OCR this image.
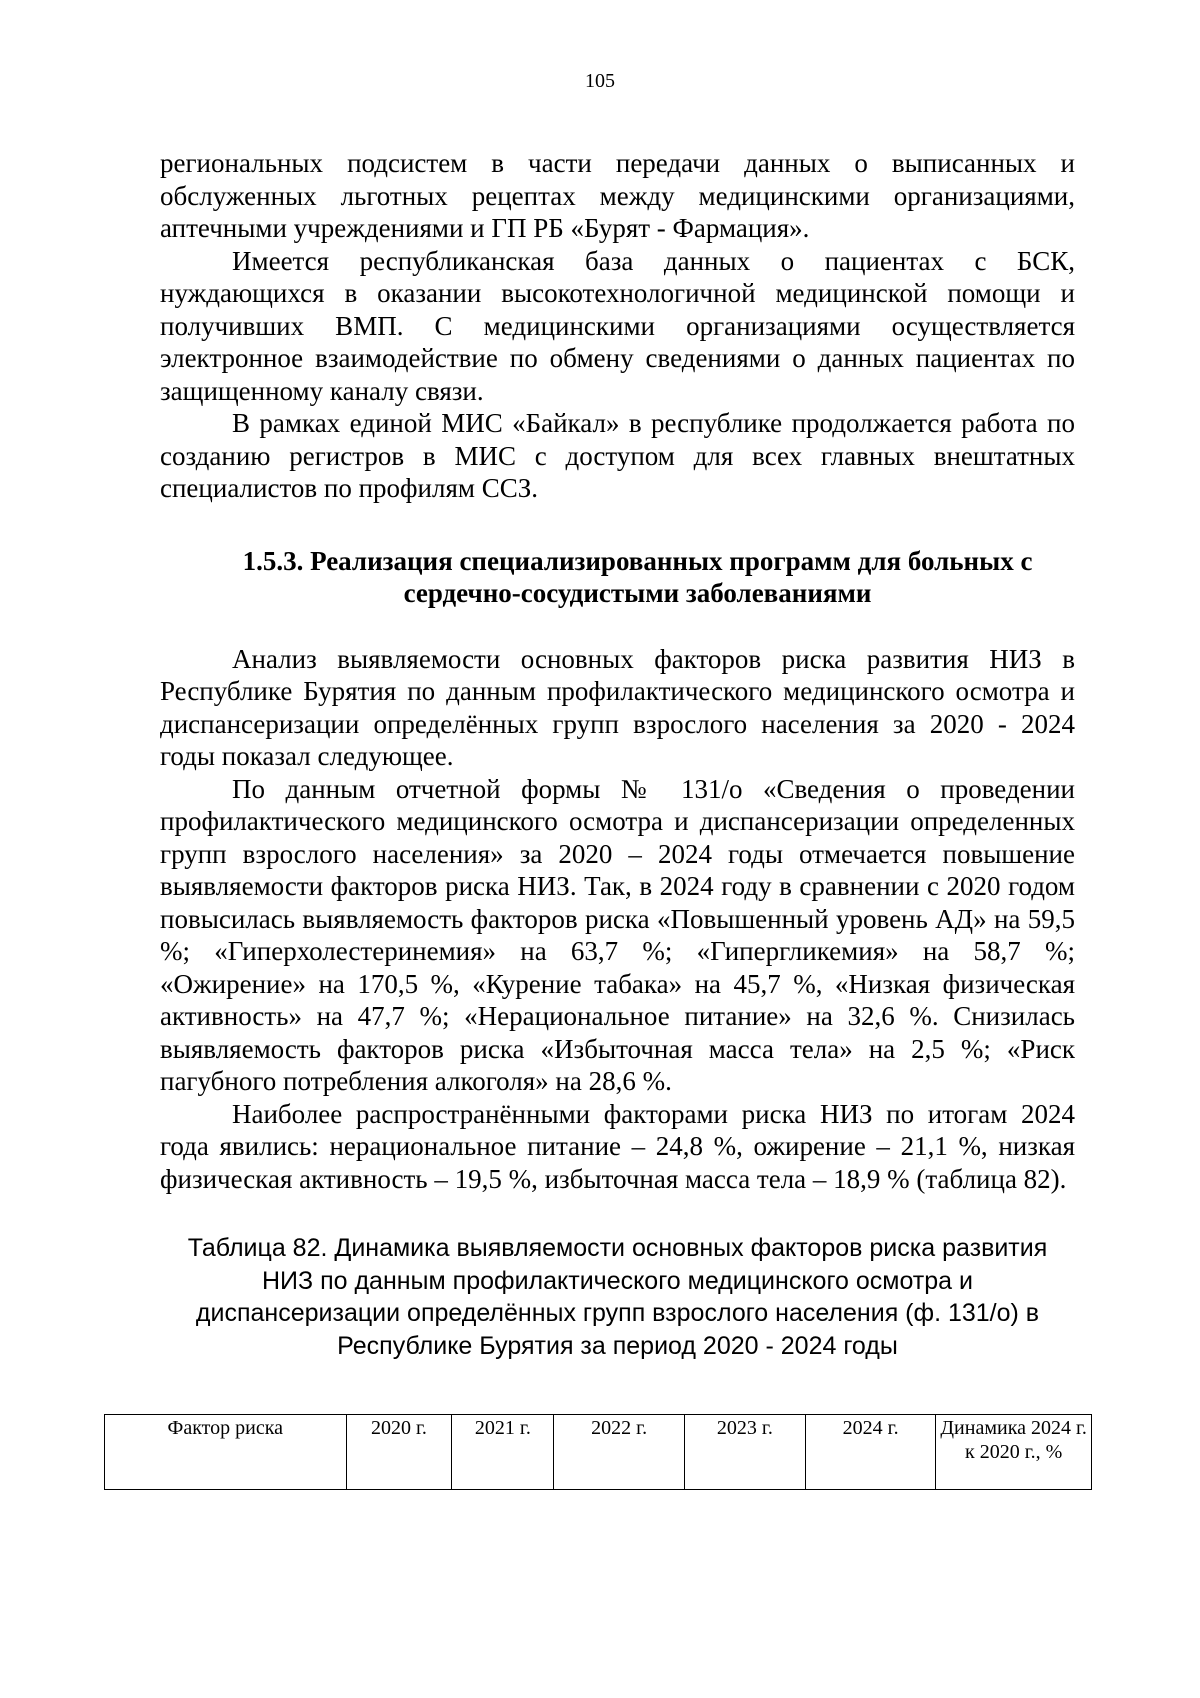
105

региональных подсистем в части передачи данных о выписанных и обслуженных льготных рецептах между медицинскими организациями, аптечными учреждениями и ГП РБ «Бурят - Фармация».

Имеется республиканская база данных о пациентах с БСК, нуждающихся в оказании высокотехнологичной медицинской помощи и получивших ВМП. С медицинскими организациями осуществляется электронное взаимодействие по обмену сведениями о данных пациентах по защищенному каналу связи.

В рамках единой МИС «Байкал» в республике продолжается работа по созданию регистров в МИС с доступом для всех главных внештатных специалистов по профилям ССЗ.

1.5.3. Реализация специализированных программ для больных с сердечно-сосудистыми заболеваниями

Анализ выявляемости основных факторов риска развития НИЗ в Республике Бурятия по данным профилактического медицинского осмотра и диспансеризации определённых групп взрослого населения за 2020 - 2024 годы показал следующее.

По данным отчетной формы № 131/о «Сведения о проведении профилактического медицинского осмотра и диспансеризации определенных групп взрослого населения» за 2020 – 2024 годы отмечается повышение выявляемости факторов риска НИЗ. Так, в 2024 году в сравнении с 2020 годом повысилась выявляемость факторов риска «Повышенный уровень АД» на 59,5 %; «Гиперхолестеринемия» на 63,7 %; «Гипергликемия» на 58,7 %; «Ожирение» на 170,5 %, «Курение табака» на 45,7 %, «Низкая физическая активность» на 47,7 %; «Нерациональное питание» на 32,6 %. Снизилась выявляемость факторов риска «Избыточная масса тела» на 2,5 %; «Риск пагубного потребления алкоголя» на 28,6 %.

Наиболее распространёнными факторами риска НИЗ по итогам 2024 года явились: нерациональное питание – 24,8 %, ожирение – 21,1 %, низкая физическая активность – 19,5 %, избыточная масса тела – 18,9 % (таблица 82).

Таблица 82. Динамика выявляемости основных факторов риска развития НИЗ по данным профилактического медицинского осмотра и диспансеризации определённых групп взрослого населения (ф. 131/о) в Республике Бурятия за период 2020 - 2024 годы
Фактор риска	2020 г.	2021 г.	2022 г.	2023 г.	2024 г.	Динамика 2024 г. к 2020 г., %
